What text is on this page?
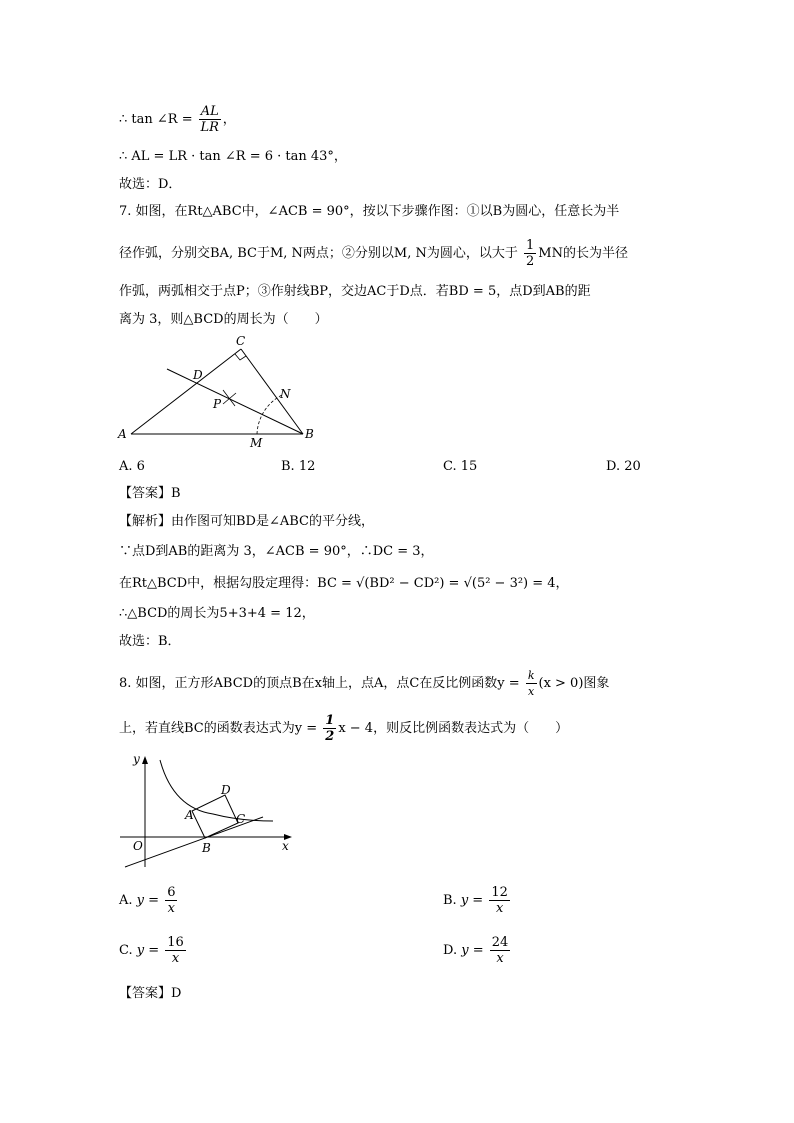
∴ tan ∠R = $\frac{AL}{LR}$ ，
∴ AL = LR · tan ∠R = 6 · tan 43°，
故选：D．
7. 如图，在Rt△ABC中，∠ACB = 90°，按以下步骤作图：①以B为圆心，任意长为半
径作弧，分别交BA, BC于M, N两点；②分别以M, N为圆心，以大于 $\frac{1}{2}$ MN的长为半径
作弧，两弧相交于点P；③作射线BP，交边AC于D点．若BD = 5，点D到AB的距
离为 3，则△BCD的周长为（　　）
C
D
P
N
A
M
B
A. 6	B. 12	C. 15	D. 20
【答案】B
【解析】由作图可知BD是∠ABC的平分线，
∵点D到AB的距离为 3，∠ACB = 90°，∴DC = 3，
在Rt△BCD中，根据勾股定理得：BC = √(BD² − CD²) = √(5² − 3²) = 4，
∴△BCD的周长为5+3+4 = 12，
故选：B．
8. 如图，正方形ABCD的顶点B在x轴上，点A，点C在反比例函数$y = \frac{k}{x} (x > 0)$图象
上，若直线BC的函数表达式为$y = \frac{1}{2}$ x − 4，则反比例函数表达式为（　　）
y
x
O
A
B
C
D
A. $y = \frac{6}{x}$	B. $y = \frac{12}{x}$
C. $y = \frac{16}{x}$	D. $y = \frac{24}{x}$
【答案】D
